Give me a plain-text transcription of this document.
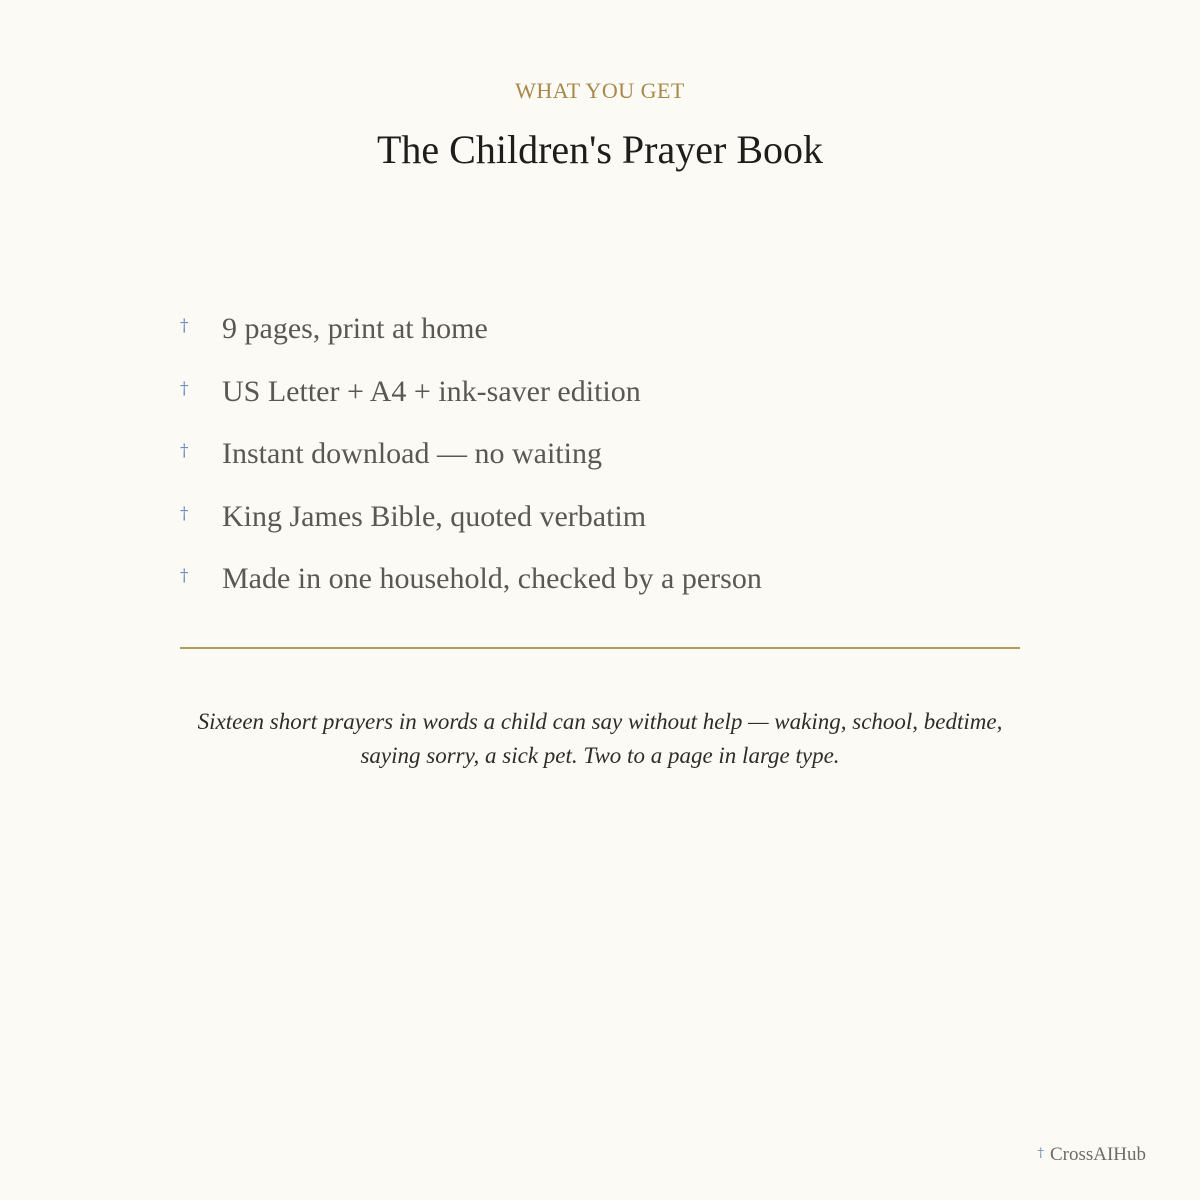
WHAT YOU GET
The Children's Prayer Book
† 9 pages, print at home
† US Letter + A4 + ink-saver edition
† Instant download — no waiting
† King James Bible, quoted verbatim
† Made in one household, checked by a person

Sixteen short prayers in words a child can say without help — waking, school, bedtime, saying sorry, a sick pet. Two to a page in large type.

† CrossAIHub
